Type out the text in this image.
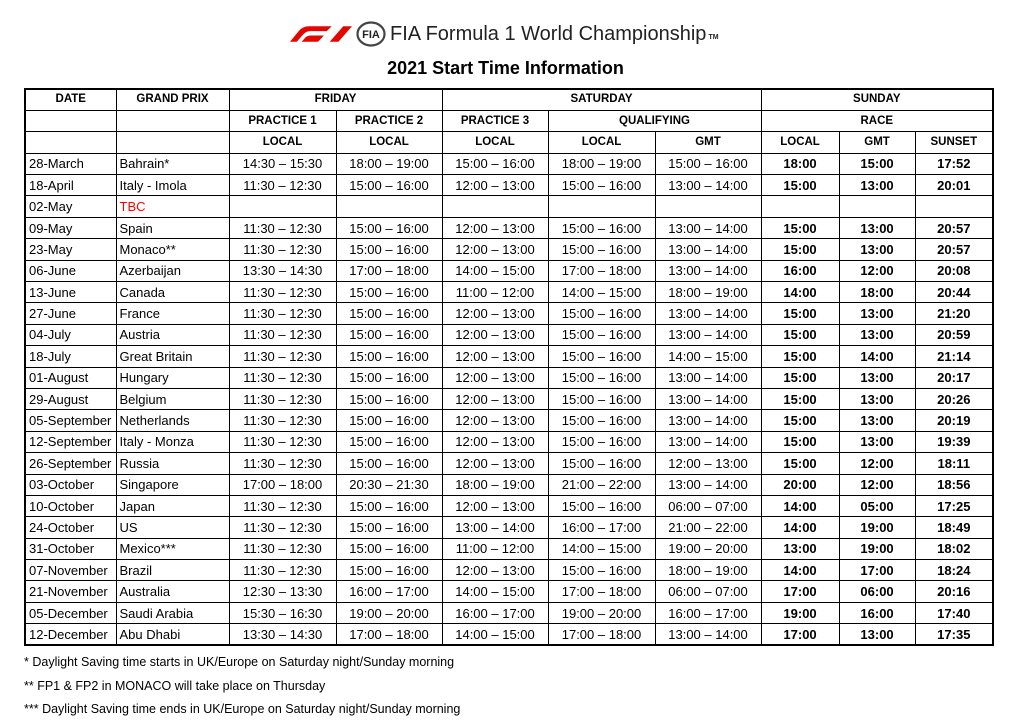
FIA FIA Formula 1 World Championship TM
2021 Start Time Information
DATE	GRAND PRIX	FRIDAY		SATURDAY			SUNDAY		
		PRACTICE 1	PRACTICE 2	PRACTICE 3	QUALIFYING		RACE		
		LOCAL	LOCAL	LOCAL	LOCAL	GMT	LOCAL	GMT	SUNSET
28-March	Bahrain*	14:30 – 15:30	18:00 – 19:00	15:00 – 16:00	18:00 – 19:00	15:00 – 16:00	18:00	15:00	17:52
18-April	Italy - Imola	11:30 – 12:30	15:00 – 16:00	12:00 – 13:00	15:00 – 16:00	13:00 – 14:00	15:00	13:00	20:01
02-May	TBC								
09-May	Spain	11:30 – 12:30	15:00 – 16:00	12:00 – 13:00	15:00 – 16:00	13:00 – 14:00	15:00	13:00	20:57
23-May	Monaco**	11:30 – 12:30	15:00 – 16:00	12:00 – 13:00	15:00 – 16:00	13:00 – 14:00	15:00	13:00	20:57
06-June	Azerbaijan	13:30 – 14:30	17:00 – 18:00	14:00 – 15:00	17:00 – 18:00	13:00 – 14:00	16:00	12:00	20:08
13-June	Canada	11:30 – 12:30	15:00 – 16:00	11:00 – 12:00	14:00 – 15:00	18:00 – 19:00	14:00	18:00	20:44
27-June	France	11:30 – 12:30	15:00 – 16:00	12:00 – 13:00	15:00 – 16:00	13:00 – 14:00	15:00	13:00	21:20
04-July	Austria	11:30 – 12:30	15:00 – 16:00	12:00 – 13:00	15:00 – 16:00	13:00 – 14:00	15:00	13:00	20:59
18-July	Great Britain	11:30 – 12:30	15:00 – 16:00	12:00 – 13:00	15:00 – 16:00	14:00 – 15:00	15:00	14:00	21:14
01-August	Hungary	11:30 – 12:30	15:00 – 16:00	12:00 – 13:00	15:00 – 16:00	13:00 – 14:00	15:00	13:00	20:17
29-August	Belgium	11:30 – 12:30	15:00 – 16:00	12:00 – 13:00	15:00 – 16:00	13:00 – 14:00	15:00	13:00	20:26
05-September	Netherlands	11:30 – 12:30	15:00 – 16:00	12:00 – 13:00	15:00 – 16:00	13:00 – 14:00	15:00	13:00	20:19
12-September	Italy - Monza	11:30 – 12:30	15:00 – 16:00	12:00 – 13:00	15:00 – 16:00	13:00 – 14:00	15:00	13:00	19:39
26-September	Russia	11:30 – 12:30	15:00 – 16:00	12:00 – 13:00	15:00 – 16:00	12:00 – 13:00	15:00	12:00	18:11
03-October	Singapore	17:00 – 18:00	20:30 – 21:30	18:00 – 19:00	21:00 – 22:00	13:00 – 14:00	20:00	12:00	18:56
10-October	Japan	11:30 – 12:30	15:00 – 16:00	12:00 – 13:00	15:00 – 16:00	06:00 – 07:00	14:00	05:00	17:25
24-October	US	11:30 – 12:30	15:00 – 16:00	13:00 – 14:00	16:00 – 17:00	21:00 – 22:00	14:00	19:00	18:49
31-October	Mexico***	11:30 – 12:30	15:00 – 16:00	11:00 – 12:00	14:00 – 15:00	19:00 – 20:00	13:00	19:00	18:02
07-November	Brazil	11:30 – 12:30	15:00 – 16:00	12:00 – 13:00	15:00 – 16:00	18:00 – 19:00	14:00	17:00	18:24
21-November	Australia	12:30 – 13:30	16:00 – 17:00	14:00 – 15:00	17:00 – 18:00	06:00 – 07:00	17:00	06:00	20:16
05-December	Saudi Arabia	15:30 – 16:30	19:00 – 20:00	16:00 – 17:00	19:00 – 20:00	16:00 – 17:00	19:00	16:00	17:40
12-December	Abu Dhabi	13:30 – 14:30	17:00 – 18:00	14:00 – 15:00	17:00 – 18:00	13:00 – 14:00	17:00	13:00	17:35

* Daylight Saving time starts in UK/Europe on Saturday night/Sunday morning

** FP1 & FP2 in MONACO will take place on Thursday

*** Daylight Saving time ends in UK/Europe on Saturday night/Sunday morning
